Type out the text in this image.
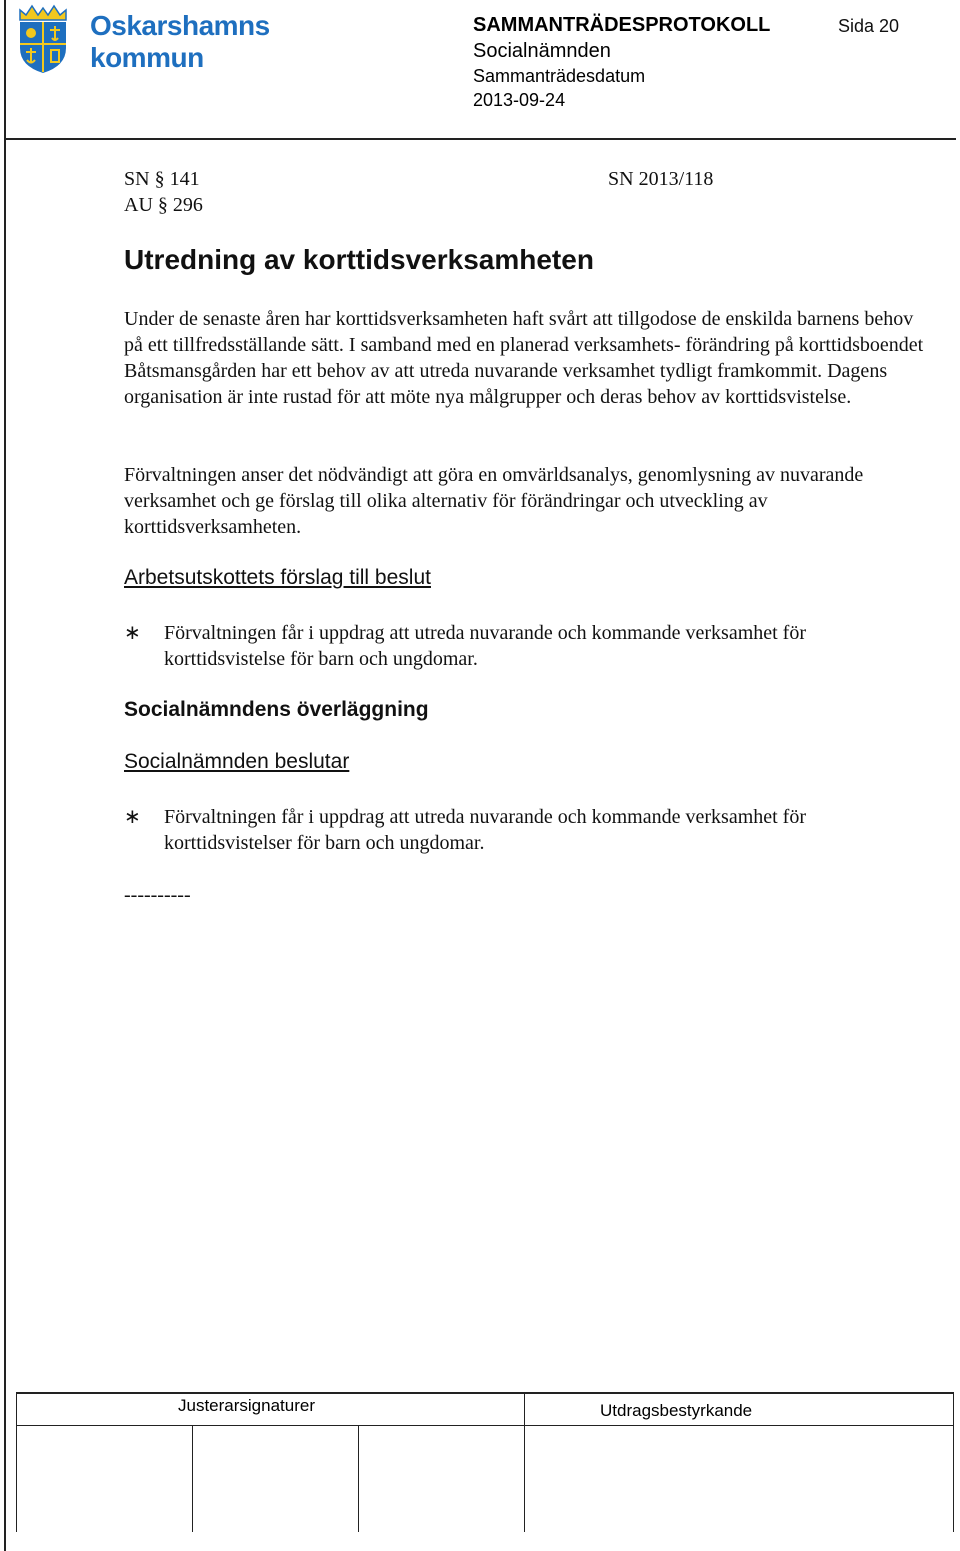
Oskarshamns
kommun
SAMMANTRÄDESPROTOKOLL
Socialnämnden
Sammanträdesdatum
2013-09-24
Sida 20
SN § 141	SN 2013/118
AU § 296
Utredning av korttidsverksamheten
Under de senaste åren har korttidsverksamheten haft svårt att tillgodose de enskilda barnens behov på ett tillfredsställande sätt. I samband med en planerad verksamhets- förändring på korttidsboendet Båtsmansgården har ett behov av att utreda nuvarande verksamhet tydligt framkommit. Dagens organisation är inte rustad för att möte nya målgrupper och deras behov av korttidsvistelse.
Förvaltningen anser det nödvändigt att göra en omvärldsanalys, genomlysning av nuvarande verksamhet och ge förslag till olika alternativ för förändringar och utveckling av korttidsverksamheten.
Arbetsutskottets förslag till beslut
∗ Förvaltningen får i uppdrag att utreda nuvarande och kommande verksamhet för korttidsvistelse för barn och ungdomar.
Socialnämndens överläggning
Socialnämnden beslutar
∗ Förvaltningen får i uppdrag att utreda nuvarande och kommande verksamhet för korttidsvistelser för barn och ungdomar.
----------
Justerarsignaturer	Utdragsbestyrkande
